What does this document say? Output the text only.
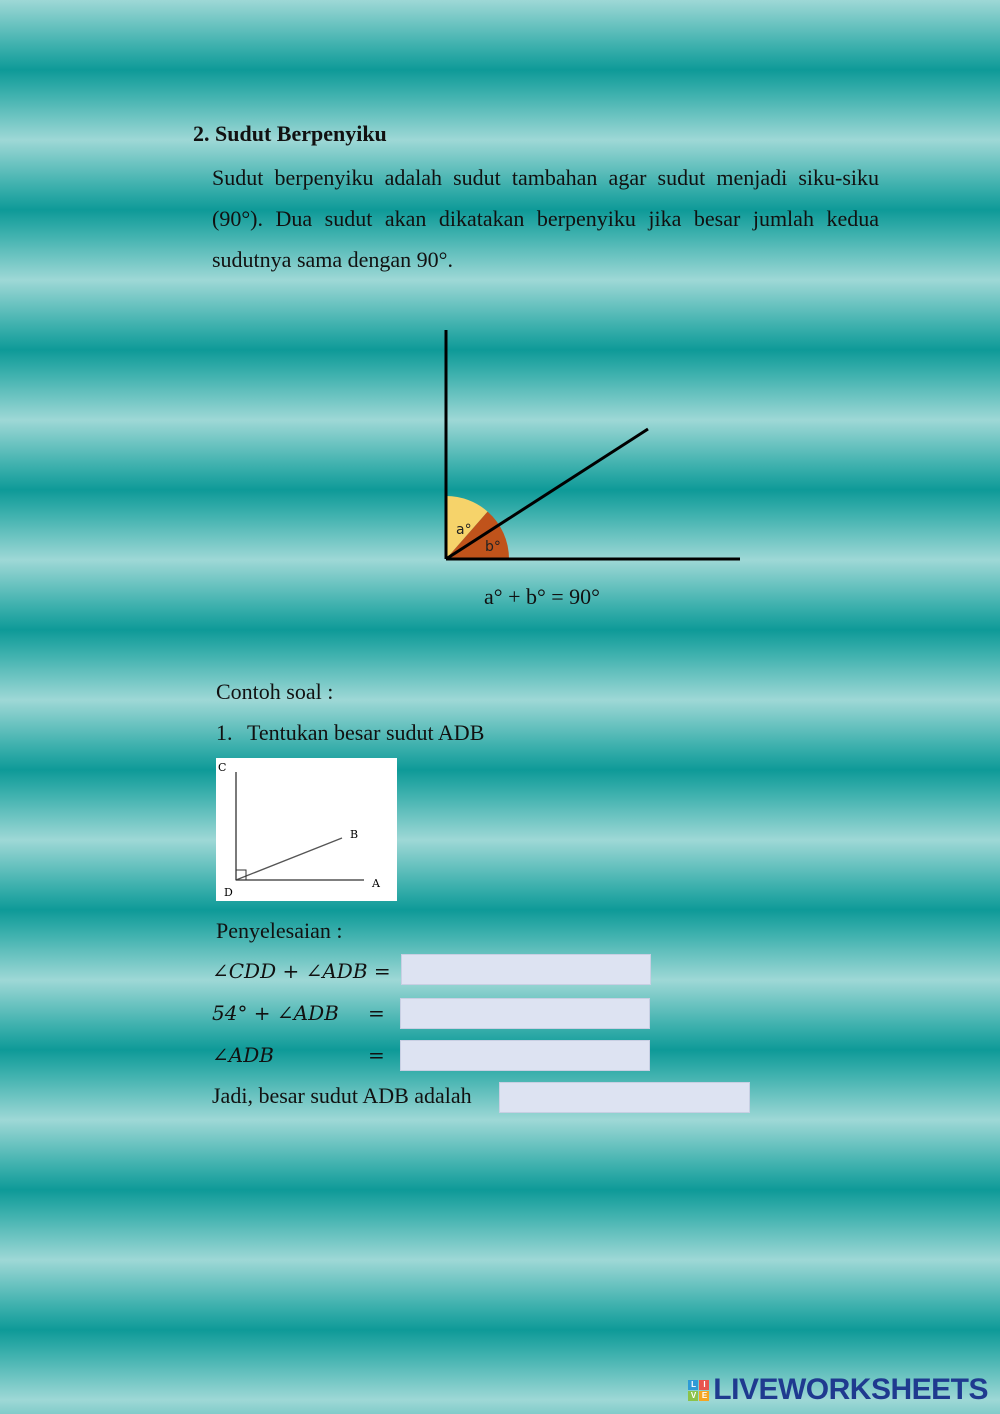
2. Sudut Berpenyiku
Sudut berpenyiku adalah sudut tambahan agar sudut menjadi siku-siku
(90°). Dua sudut akan dikatakan berpenyiku jika besar jumlah kedua
sudutnya sama dengan 90°.
a°
b°
a° + b° = 90°
Contoh soal :
1. Tentukan besar sudut ADB
C
B
D
A
Penyelesaian :
∠CDD + ∠ADB =
54° + ∠ADB =
∠ADB	=
Jadi, besar sudut ADB adalah
L I
V E LIVEWORKSHEETS
